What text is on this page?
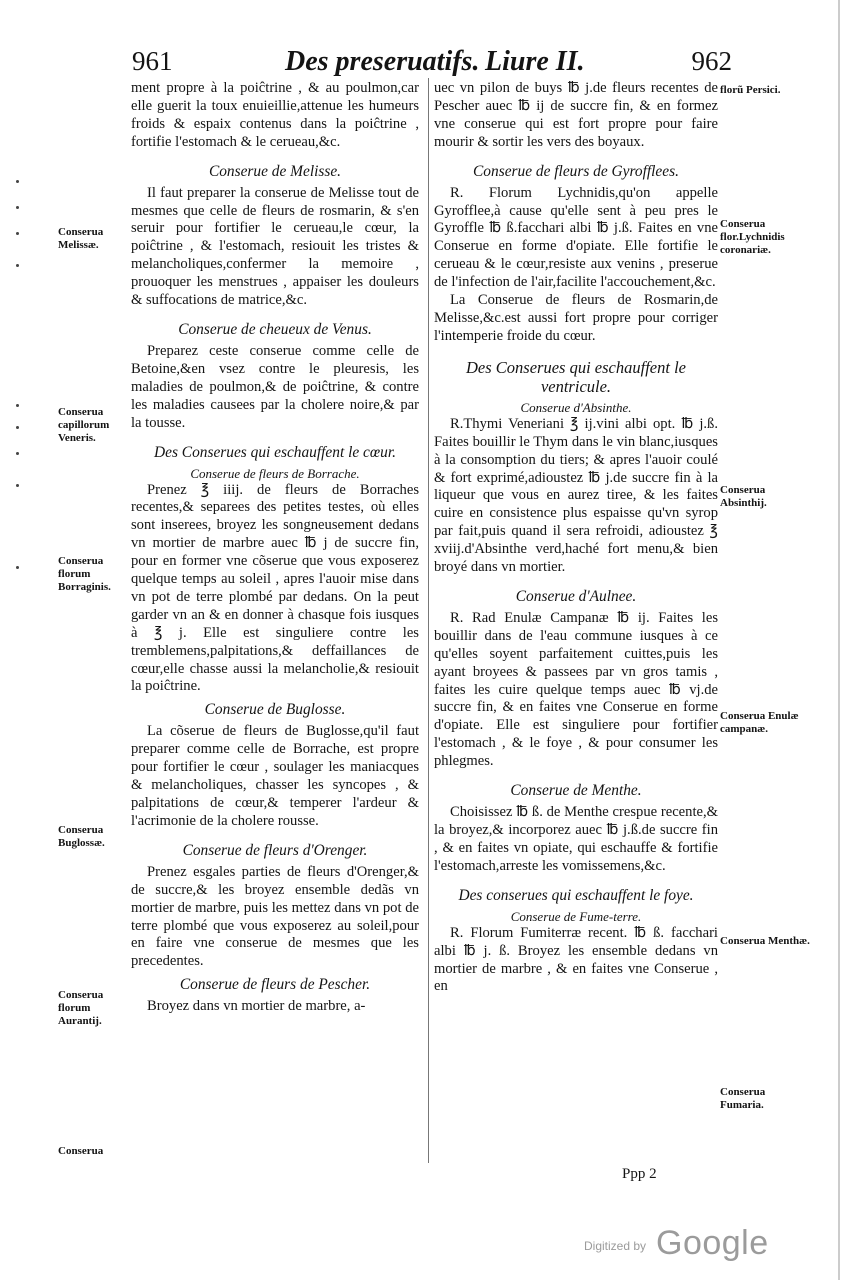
961	Des preseruatifs. Liure II.	962

ment propre à la poiĉtrine , & au poulmon,car elle guerit la toux enuieillie,attenue les humeurs froids & espaix contenus dans la poiĉtrine , fortifie l'estomach & le cerueau,&c.

Conserue de Melisse.

Il faut preparer la conserue de Melisse tout de mesmes que celle de fleurs de rosmarin, & s'en seruir pour fortifier le cerueau,le cœur, la poiĉtrine , & l'estomach, resiouit les tristes & melancholiques,confermer la memoire , prouoquer les menstrues , appaiser les douleurs & suffocations de matrice,&c.

Conserue de cheueux de Venus.

Preparez ceste conserue comme celle de Betoine,&en vsez contre le pleuresis, les maladies de poulmon,& de poiĉtrine, & contre les maladies causees par la cholere noire,& par la tousse.

Des Conserues qui eschauffent le cœur.
Conserue de fleurs de Borrache.

Prenez ℥ iiij. de fleurs de Borraches recentes,& separees des petites testes, où elles sont inserees, broyez les songneusement dedans vn mortier de marbre auec ℔ j de succre fin, pour en former vne cõserue que vous exposerez quelque temps au soleil , apres l'auoir mise dans vn pot de terre plombé par dedans. On la peut garder vn an & en donner à chasque fois iusques à ℥ j. Elle est singuliere contre les tremblemens,palpitations,& deffaillances de cœur,elle chasse aussi la melancholie,& resiouit la poiĉtrine.

Conserue de Buglosse.

La cõserue de fleurs de Buglosse,qu'il faut preparer comme celle de Borrache, est propre pour fortifier le cœur , soulager les maniacques & melancholiques, chasser les syncopes , & palpitations de cœur,& temperer l'ardeur & l'acrimonie de la cholere rousse.

Conserue de fleurs d'Orenger.

Prenez esgales parties de fleurs d'Orenger,& de succre,& les broyez ensemble dedãs vn mortier de marbre, puis les mettez dans vn pot de terre plombé que vous exposerez au soleil,pour en faire vne conserue de mesmes que les precedentes.

Conserue de fleurs de Pescher.

Broyez dans vn mortier de marbre, a-

uec vn pilon de buys ℔ j.de fleurs recentes de Pescher auec ℔ ij de succre fin, & en formez vne conserue qui est fort propre pour faire mourir & sortir les vers des boyaux.

Conserue de fleurs de Gyrofflees.

R. Florum Lychnidis,qu'on appelle Gyrofflee,à cause qu'elle sent à peu pres le Gyroffle ℔ ß.facchari albi ℔ j.ß. Faites en vne Conserue en forme d'opiate. Elle fortifie le cerueau & le cœur,resiste aux venins , preserue de l'infection de l'air,facilite l'accouchement,&c.

La Conserue de fleurs de Rosmarin,de Melisse,&c.est aussi fort propre pour corriger l'intemperie froide du cœur.

Des Conserues qui eschauffent le ventricule.
Conserue d'Absinthe.

R.Thymi Veneriani ℥ ij.vini albi opt. ℔ j.ß. Faites bouillir le Thym dans le vin blanc,iusques à la consomption du tiers; & apres l'auoir coulé & fort exprimé,adioustez ℔ j.de succre fin à la liqueur que vous en aurez tiree, & les faites cuire en consistence plus espaisse qu'vn syrop par fait,puis quand il sera refroidi, adioustez ℥ xviij.d'Absinthe verd,haché fort menu,& bien broyé dans vn mortier.

Conserue d'Aulnee.

R. Rad Enulæ Campanæ ℔ ij. Faites les bouillir dans de l'eau commune iusques à ce qu'elles soyent parfaitement cuittes,puis les ayant broyees & passees par vn gros tamis , faites les cuire quelque temps auec ℔ vj.de succre fin, & en faites vne Conserue en forme d'opiate. Elle est singuliere pour fortifier l'estomach , & le foye , & pour consumer les phlegmes.

Conserue de Menthe.

Choisissez ℔ ß. de Menthe crespue recente,& la broyez,& incorporez auec ℔ j.ß.de succre fin , & en faites vn opiate, qui eschauffe & fortifie l'estomach,arreste les vomissemens,&c.

Des conserues qui eschauffent le foye.
Conserue de Fume-terre.

R. Florum Fumiterræ recent. ℔ ß. facchari albi ℔ j. ß. Broyez les ensemble dedans vn mortier de marbre , & en faites vne Conserue , en

Conserua Melissæ.
Conserua capillorum Veneris.
Conserua florum Borraginis.
Conserua Buglossæ.
Conserua florum Aurantij.
Conserua
florũ Persici.
Conserua flor.Lychnidis coronariæ.
Conserua Absinthij.
Conserua Enulæ campanæ.
Conserua Menthæ.
Conserua Fumaria.
Ppp 2
Digitized by Google
